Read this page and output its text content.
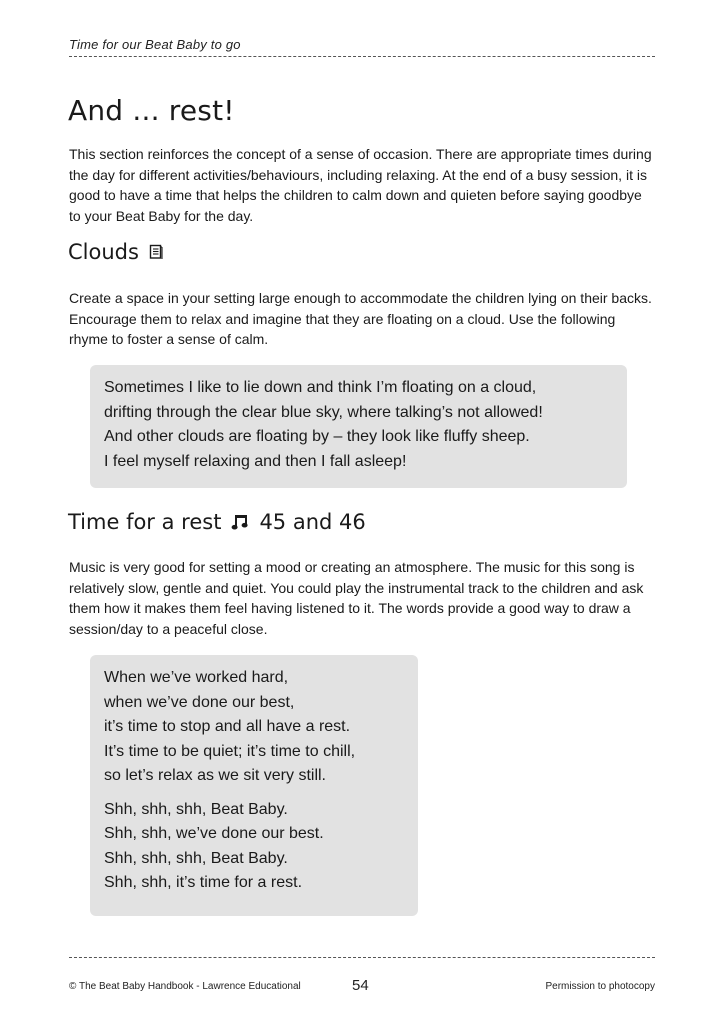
Time for our Beat Baby to go
And ... rest!

This section reinforces the concept of a sense of occasion. There are appropriate times during the day for different activities/behaviours, including relaxing. At the end of a busy session, it is good to have a time that helps the children to calm down and quieten before saying goodbye to your Beat Baby for the day.

Clouds

Create a space in your setting large enough to accommodate the children lying on their backs. Encourage them to relax and imagine that they are floating on a cloud. Use the following rhyme to foster a sense of calm.

Sometimes I like to lie down and think I’m floating on a cloud,
drifting through the clear blue sky, where talking’s not allowed!
And other clouds are floating by – they look like fluffy sheep.
I feel myself relaxing and then I fall asleep!
Time for a rest 45 and 46

Music is very good for setting a mood or creating an atmosphere. The music for this song is relatively slow, gentle and quiet. You could play the instrumental track to the children and ask them how it makes them feel having listened to it. The words provide a good way to draw a session/day to a peaceful close.

When we’ve worked hard,
when we’ve done our best,
it’s time to stop and all have a rest.
It’s time to be quiet; it’s time to chill,
so let’s relax as we sit very still.
Shh, shh, shh, Beat Baby.
Shh, shh, we’ve done our best.
Shh, shh, shh, Beat Baby.
Shh, shh, it’s time for a rest.
© The Beat Baby Handbook - Lawrence Educational	54	Permission to photocopy
